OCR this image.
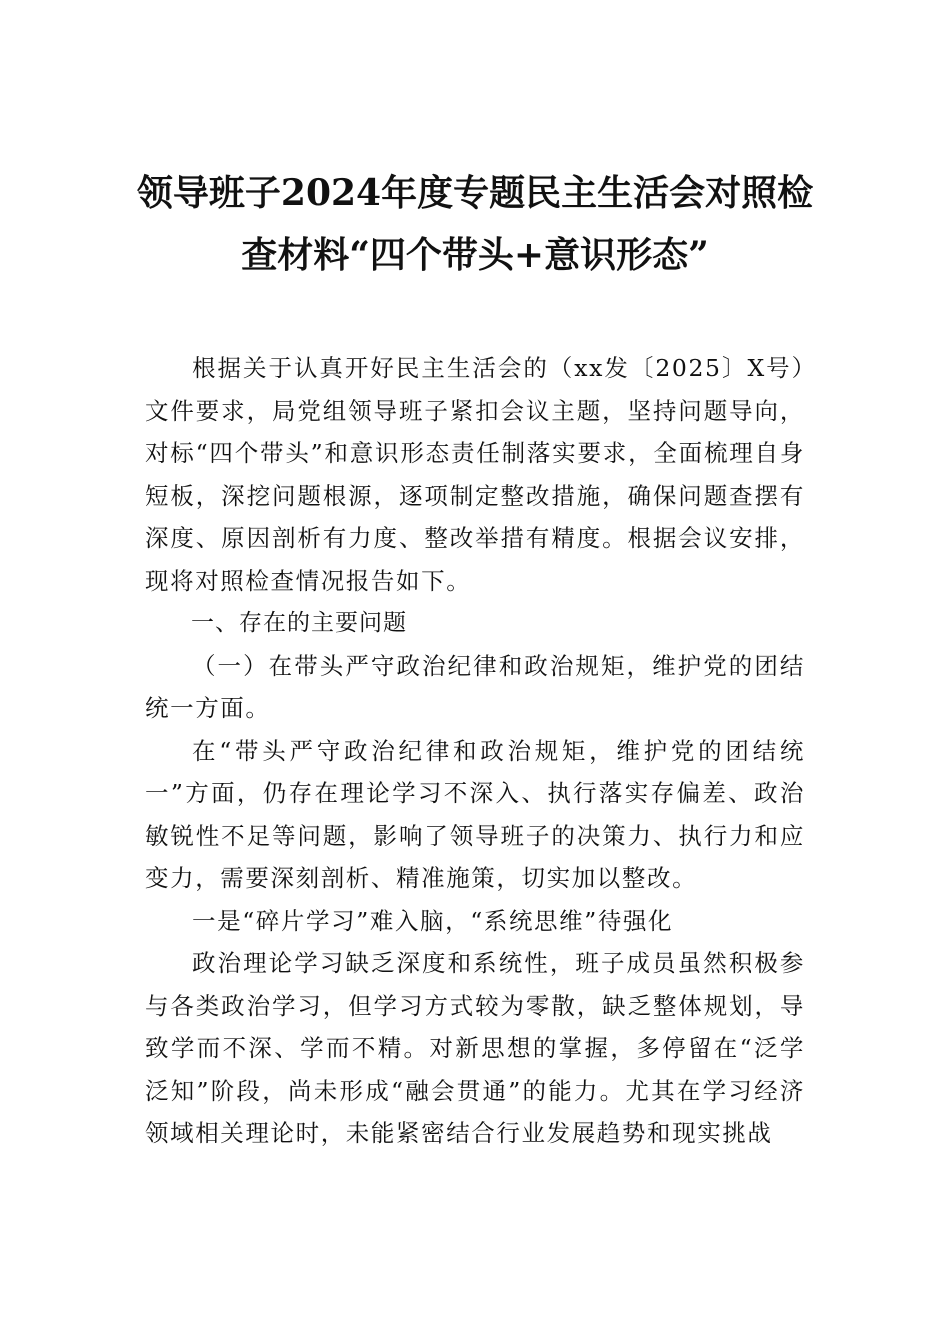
领导班子2024年度专题民主生活会对照检查材料“四个带头+意识形态”

根据关于认真开好民主生活会的（xx发〔2025〕X号）文件要求，局党组领导班子紧扣会议主题，坚持问题导向，对标“四个带头”和意识形态责任制落实要求，全面梳理自身短板，深挖问题根源，逐项制定整改措施，确保问题查摆有深度、原因剖析有力度、整改举措有精度。根据会议安排，现将对照检查情况报告如下。

一、存在的主要问题

（一）在带头严守政治纪律和政治规矩，维护党的团结统一方面。

在“带头严守政治纪律和政治规矩，维护党的团结统一”方面，仍存在理论学习不深入、执行落实存偏差、政治敏锐性不足等问题，影响了领导班子的决策力、执行力和应变力，需要深刻剖析、精准施策，切实加以整改。

一是“碎片学习”难入脑，“系统思维”待强化

政治理论学习缺乏深度和系统性，班子成员虽然积极参与各类政治学习，但学习方式较为零散，缺乏整体规划，导致学而不深、学而不精。对新思想的掌握，多停留在“泛学泛知”阶段，尚未形成“融会贯通”的能力。尤其在学习经济领域相关理论时，未能紧密结合行业发展趋势和现实挑战
